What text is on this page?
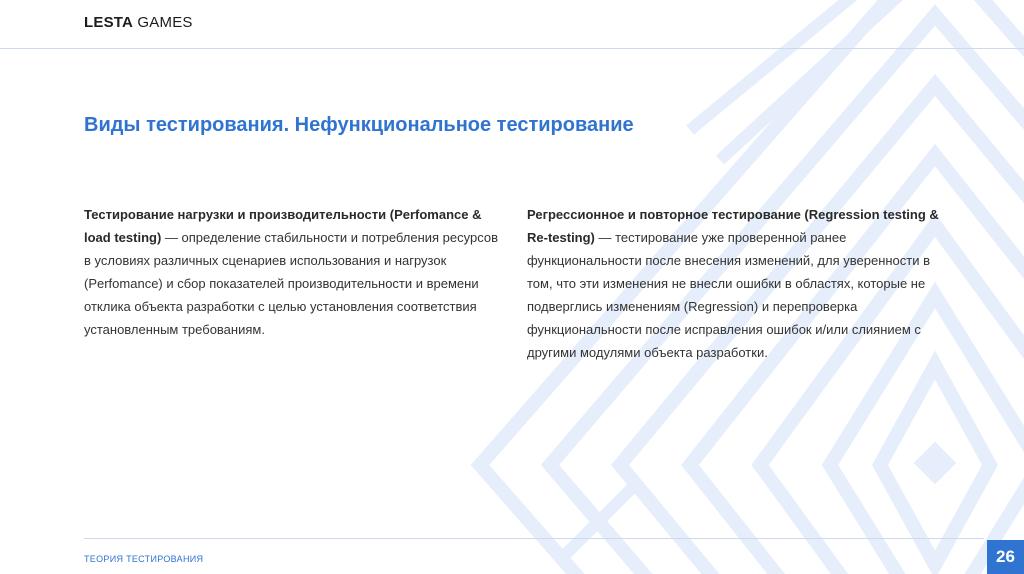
LESTA GAMES
Виды тестирования. Нефункциональное тестирование
Тестирование нагрузки и производительности (Perfomance & load testing) — определение стабильности и потребления ресурсов в условиях различных сценариев использования и нагрузок (Perfomance) и сбор показателей производительности и времени отклика объекта разработки с целью установления соответствия установленным требованиям.
Регрессионное и повторное тестирование (Regression testing & Re-testing) — тестирование уже проверенной ранее функциональности после внесения изменений, для уверенности в том, что эти изменения не внесли ошибки в областях, которые не подверглись изменениям (Regression) и перепроверка функциональности после исправления ошибок и/или слиянием с другими модулями объекта разработки.
ТЕОРИЯ ТЕСТИРОВАНИЯ	26
